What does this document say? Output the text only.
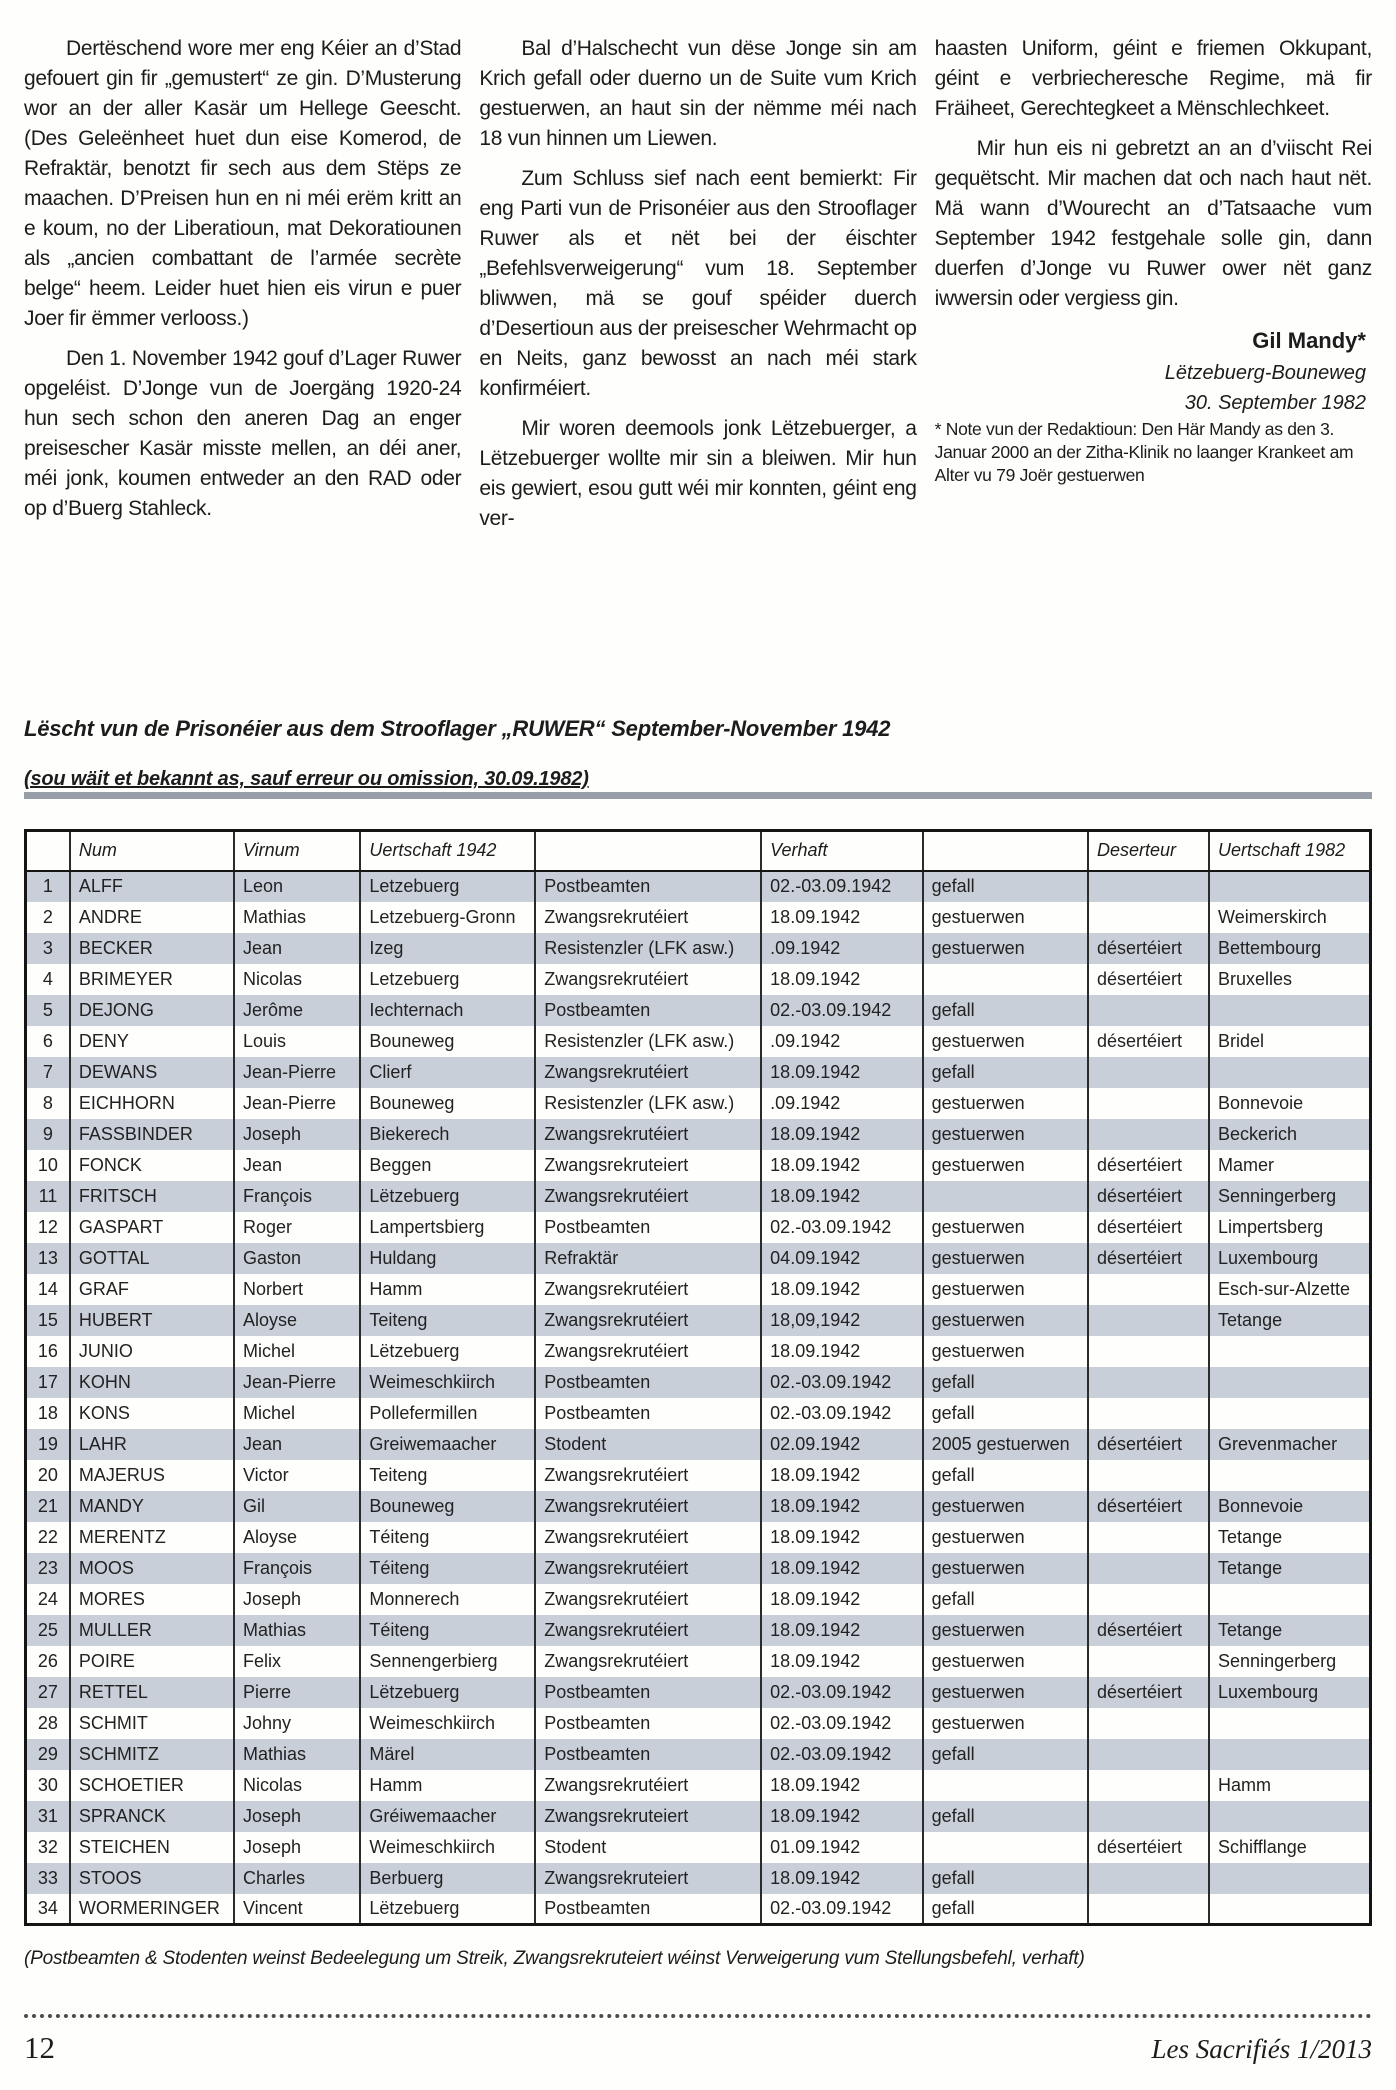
Dertëschend wore mer eng Kéier an d’Stad gefouert gin fir „gemustert“ ze gin. D’Musterung wor an der aller Kasär um Hellege Geescht. (Des Geleënheet huet dun eise Komerod, de Refraktär, benotzt fir sech aus dem Stëps ze maachen. D’Preisen hun en ni méi erëm kritt an e koum, no der Liberatioun, mat Dekoratiounen als „ancien combattant de l’armée secrète belge“ heem. Leider huet hien eis virun e puer Joer fir ëmmer verlooss.)

Den 1. November 1942 gouf d’Lager Ruwer opgeléist. D’Jonge vun de Joergäng 1920-24 hun sech schon den aneren Dag an enger preisescher Kasär misste mellen, an déi aner, méi jonk, koumen entweder an den RAD oder op d’Buerg Stahleck.

Bal d’Halschecht vun dëse Jonge sin am Krich gefall oder duerno un de Suite vum Krich gestuerwen, an haut sin der nëmme méi nach 18 vun hinnen um Liewen.

Zum Schluss sief nach eent bemierkt: Fir eng Parti vun de Prisonéier aus den Strooflager Ruwer als et nët bei der éischter „Befehlsverweigerung“ vum 18. September bliwwen, mä se gouf spéider duerch d’Desertioun aus der preisescher Wehrmacht op en Neits, ganz bewosst an nach méi stark konfirméiert.

Mir woren deemools jonk Lëtzebuerger, a Lëtzebuerger wollte mir sin a bleiwen. Mir hun eis gewiert, esou gutt wéi mir konnten, géint eng ver-

haasten Uniform, géint e friemen Okkupant, géint e verbriecheresche Regime, mä fir Fräiheet, Gerechtegkeet a Mënschlechkeet.

Mir hun eis ni gebretzt an an d’viischt Rei gequëtscht. Mir machen dat och nach haut nët. Mä wann d’Wourecht an d’Tatsaache vum September 1942 festgehale solle gin, dann duerfen d’Jonge vu Ruwer ower nët ganz iwwersin oder vergiess gin.

Gil Mandy*
Lëtzebuerg-Bouneweg
30. September 1982

* Note vun der Redaktioun: Den Här Mandy as den 3. Januar 2000 an der Zitha-Klinik no laanger Krankeet am Alter vu 79 Joër gestuerwen

Lëscht vun de Prisonéier aus dem Strooflager „RUWER“ September-November 1942
(sou wäit et bekannt as, sauf erreur ou omission, 30.09.1982)
	Num	Virnum	Uertschaft 1942		Verhaft		Deserteur	Uertschaft 1982
1	ALFF	Leon	Letzebuerg	Postbeamten	02.-03.09.1942	gefall		
2	ANDRE	Mathias	Letzebuerg-Gronn	Zwangsrekrutéiert	18.09.1942	gestuerwen		Weimerskirch
3	BECKER	Jean	Izeg	Resistenzler (LFK asw.)	.09.1942	gestuerwen	désertéiert	Bettembourg
4	BRIMEYER	Nicolas	Letzebuerg	Zwangsrekrutéiert	18.09.1942		désertéiert	Bruxelles
5	DEJONG	Jerôme	Iechternach	Postbeamten	02.-03.09.1942	gefall		
6	DENY	Louis	Bouneweg	Resistenzler (LFK asw.)	.09.1942	gestuerwen	désertéiert	Bridel
7	DEWANS	Jean-Pierre	Clierf	Zwangsrekrutéiert	18.09.1942	gefall		
8	EICHHORN	Jean-Pierre	Bouneweg	Resistenzler (LFK asw.)	.09.1942	gestuerwen		Bonnevoie
9	FASSBINDER	Joseph	Biekerech	Zwangsrekrutéiert	18.09.1942	gestuerwen		Beckerich
10	FONCK	Jean	Beggen	Zwangsrekruteiert	18.09.1942	gestuerwen	désertéiert	Mamer
11	FRITSCH	François	Lëtzebuerg	Zwangsrekrutéiert	18.09.1942		désertéiert	Senningerberg
12	GASPART	Roger	Lampertsbierg	Postbeamten	02.-03.09.1942	gestuerwen	désertéiert	Limpertsberg
13	GOTTAL	Gaston	Huldang	Refraktär	04.09.1942	gestuerwen	désertéiert	Luxembourg
14	GRAF	Norbert	Hamm	Zwangsrekrutéiert	18.09.1942	gestuerwen		Esch-sur-Alzette
15	HUBERT	Aloyse	Teiteng	Zwangsrekrutéiert	18,09,1942	gestuerwen		Tetange
16	JUNIO	Michel	Lëtzebuerg	Zwangsrekrutéiert	18.09.1942	gestuerwen		
17	KOHN	Jean-Pierre	Weimeschkiirch	Postbeamten	02.-03.09.1942	gefall		
18	KONS	Michel	Pollefermillen	Postbeamten	02.-03.09.1942	gefall		
19	LAHR	Jean	Greiwemaacher	Stodent	02.09.1942	2005 gestuerwen	désertéiert	Grevenmacher
20	MAJERUS	Victor	Teiteng	Zwangsrekrutéiert	18.09.1942	gefall		
21	MANDY	Gil	Bouneweg	Zwangsrekrutéiert	18.09.1942	gestuerwen	désertéiert	Bonnevoie
22	MERENTZ	Aloyse	Téiteng	Zwangsrekrutéiert	18.09.1942	gestuerwen		Tetange
23	MOOS	François	Téiteng	Zwangsrekrutéiert	18.09.1942	gestuerwen		Tetange
24	MORES	Joseph	Monnerech	Zwangsrekrutéiert	18.09.1942	gefall		
25	MULLER	Mathias	Téiteng	Zwangsrekrutéiert	18.09.1942	gestuerwen	désertéiert	Tetange
26	POIRE	Felix	Sennengerbierg	Zwangsrekrutéiert	18.09.1942	gestuerwen		Senningerberg
27	RETTEL	Pierre	Lëtzebuerg	Postbeamten	02.-03.09.1942	gestuerwen	désertéiert	Luxembourg
28	SCHMIT	Johny	Weimeschkiirch	Postbeamten	02.-03.09.1942	gestuerwen		
29	SCHMITZ	Mathias	Märel	Postbeamten	02.-03.09.1942	gefall		
30	SCHOETIER	Nicolas	Hamm	Zwangsrekrutéiert	18.09.1942			Hamm
31	SPRANCK	Joseph	Gréiwemaacher	Zwangsrekruteiert	18.09.1942	gefall		
32	STEICHEN	Joseph	Weimeschkiirch	Stodent	01.09.1942		désertéiert	Schifflange
33	STOOS	Charles	Berbuerg	Zwangsrekruteiert	18.09.1942	gefall		
34	WORMERINGER	Vincent	Lëtzebuerg	Postbeamten	02.-03.09.1942	gefall		

(Postbeamten & Stodenten weinst Bedeelegung um Streik, Zwangsrekruteiert wéinst Verweigerung vum Stellungsbefehl, verhaft)

12	Les Sacrifiés 1/2013
